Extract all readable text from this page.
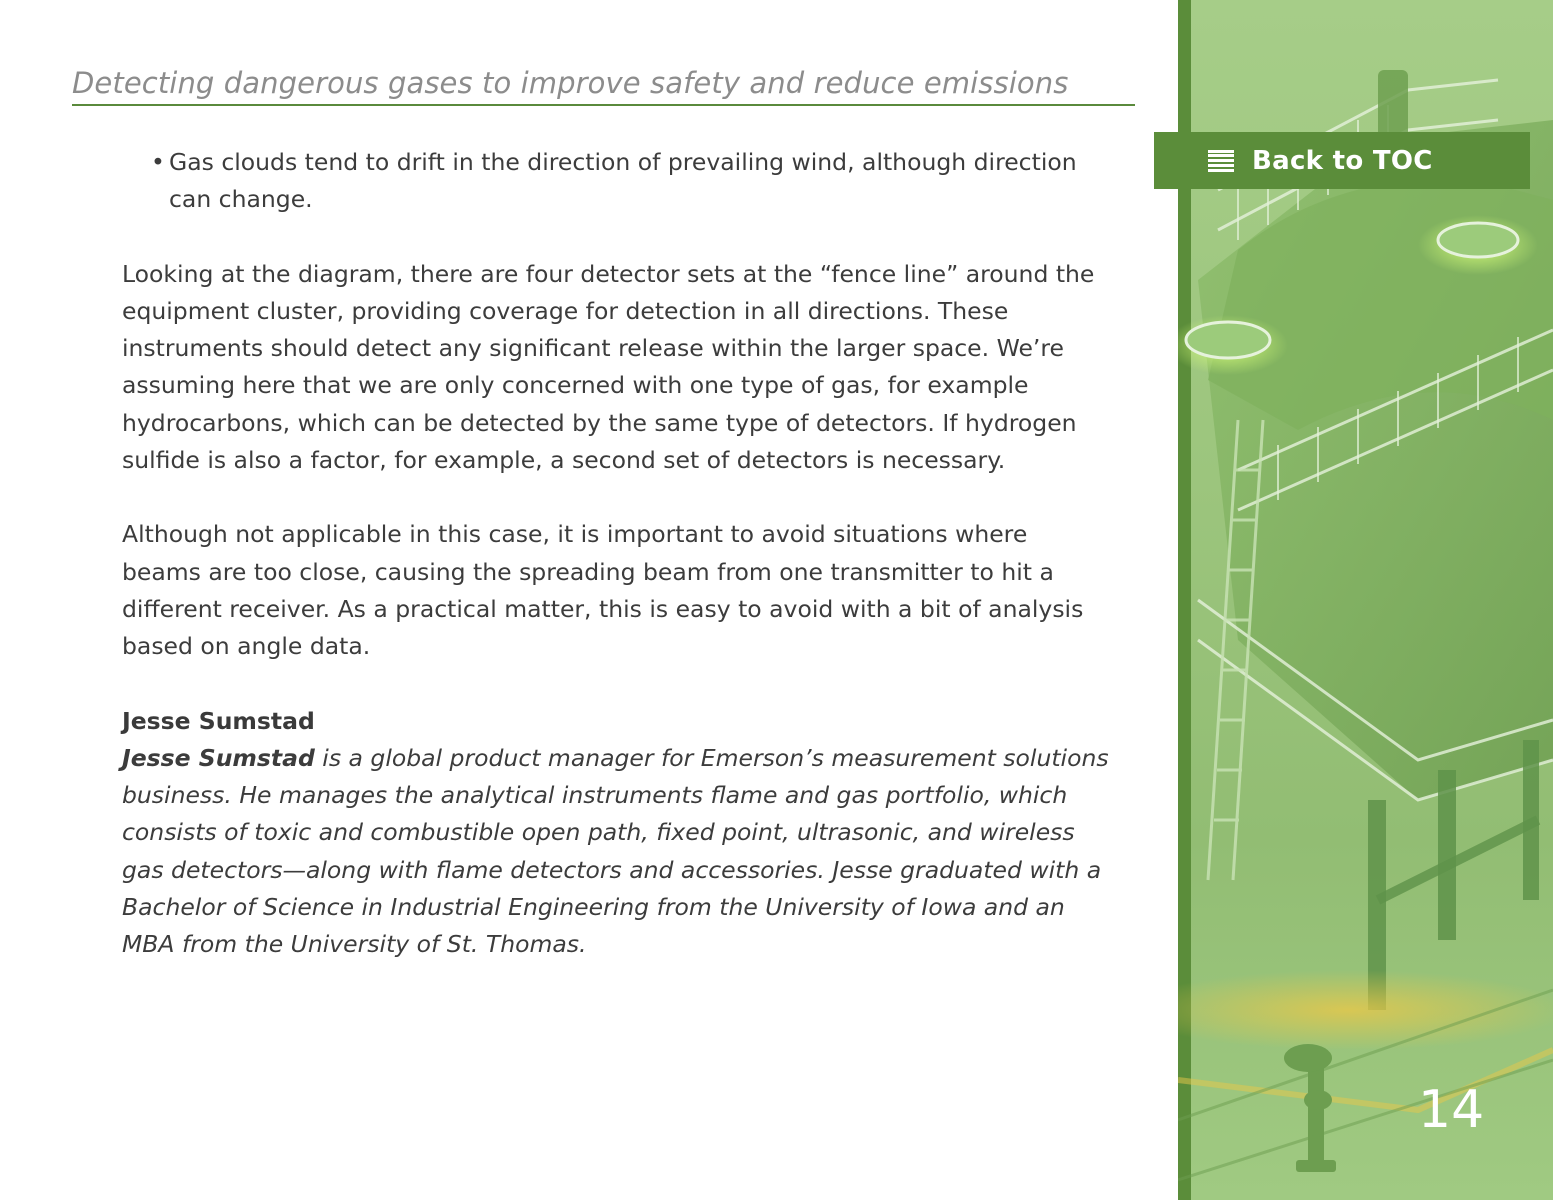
Detecting dangerous gases to improve safety and reduce emissions

• Gas clouds tend to drift in the direction of prevailing wind, although direction can change.

Looking at the diagram, there are four detector sets at the “fence line” around the equipment cluster, providing coverage for detection in all directions. These instruments should detect any significant release within the larger space. We’re assuming here that we are only concerned with one type of gas, for example hydrocarbons, which can be detected by the same type of detectors. If hydrogen sulfide is also a factor, for example, a second set of detectors is necessary.

Although not applicable in this case, it is important to avoid situations where beams are too close, causing the spreading beam from one transmitter to hit a different receiver. As a practical matter, this is easy to avoid with a bit of analysis based on angle data.

Jesse Sumstad

Jesse Sumstad is a global product manager for Emerson’s measurement solutions business. He manages the analytical instruments flame and gas portfolio, which consists of toxic and combustible open path, fixed point, ultrasonic, and wireless gas detectors—along with flame detectors and accessories. Jesse graduated with a Bachelor of Science in Industrial Engineering from the University of Iowa and an MBA from the University of St. Thomas.

Back to TOC
14
